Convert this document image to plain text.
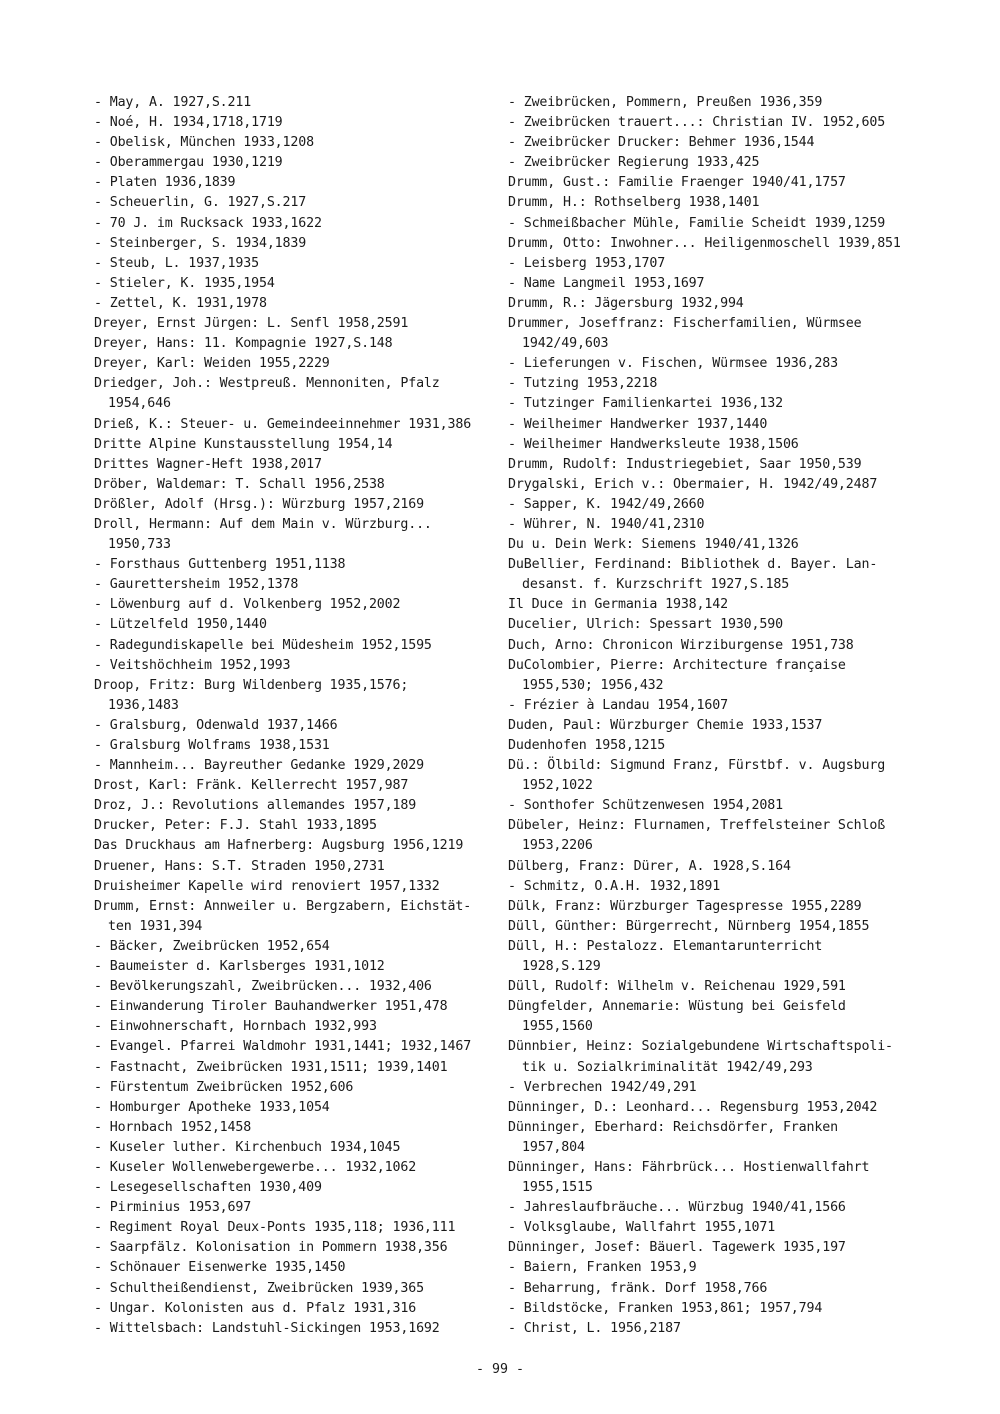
- May, A. 1927,S.211
- Noé, H. 1934,1718,1719
- Obelisk, München 1933,1208
- Oberammergau 1930,1219
- Platen 1936,1839
- Scheuerlin, G. 1927,S.217
- 70 J. im Rucksack 1933,1622
- Steinberger, S. 1934,1839
- Steub, L. 1937,1935
- Stieler, K. 1935,1954
- Zettel, K. 1931,1978
Dreyer, Ernst Jürgen: L. Senfl 1958,2591
Dreyer, Hans: 11. Kompagnie 1927,S.148
Dreyer, Karl: Weiden 1955,2229
Driedger, Joh.: Westpreuß. Mennoniten, Pfalz
1954,646
Drieß, K.: Steuer- u. Gemeindeeinnehmer 1931,386
Dritte Alpine Kunstausstellung 1954,14
Drittes Wagner-Heft 1938,2017
Dröber, Waldemar: T. Schall 1956,2538
Drößler, Adolf (Hrsg.): Würzburg 1957,2169
Droll, Hermann: Auf dem Main v. Würzburg...
1950,733
- Forsthaus Guttenberg 1951,1138
- Gaurettersheim 1952,1378
- Löwenburg auf d. Volkenberg 1952,2002
- Lützelfeld 1950,1440
- Radegundiskapelle bei Müdesheim 1952,1595
- Veitshöchheim 1952,1993
Droop, Fritz: Burg Wildenberg 1935,1576;
1936,1483
- Gralsburg, Odenwald 1937,1466
- Gralsburg Wolframs 1938,1531
- Mannheim... Bayreuther Gedanke 1929,2029
Drost, Karl: Fränk. Kellerrecht 1957,987
Droz, J.: Revolutions allemandes 1957,189
Drucker, Peter: F.J. Stahl 1933,1895
Das Druckhaus am Hafnerberg: Augsburg 1956,1219
Druener, Hans: S.T. Straden 1950,2731
Druisheimer Kapelle wird renoviert 1957,1332
Drumm, Ernst: Annweiler u. Bergzabern, Eichstät-
ten 1931,394
- Bäcker, Zweibrücken 1952,654
- Baumeister d. Karlsberges 1931,1012
- Bevölkerungszahl, Zweibrücken... 1932,406
- Einwanderung Tiroler Bauhandwerker 1951,478
- Einwohnerschaft, Hornbach 1932,993
- Evangel. Pfarrei Waldmohr 1931,1441; 1932,1467
- Fastnacht, Zweibrücken 1931,1511; 1939,1401
- Fürstentum Zweibrücken 1952,606
- Homburger Apotheke 1933,1054
- Hornbach 1952,1458
- Kuseler luther. Kirchenbuch 1934,1045
- Kuseler Wollenwebergewerbe... 1932,1062
- Lesegesellschaften 1930,409
- Pirminius 1953,697
- Regiment Royal Deux-Ponts 1935,118; 1936,111
- Saarpfälz. Kolonisation in Pommern 1938,356
- Schönauer Eisenwerke 1935,1450
- Schultheißendienst, Zweibrücken 1939,365
- Ungar. Kolonisten aus d. Pfalz 1931,316
- Wittelsbach: Landstuhl-Sickingen 1953,1692
- Zweibrücken, Pommern, Preußen 1936,359
- Zweibrücken trauert...: Christian IV. 1952,605
- Zweibrücker Drucker: Behmer 1936,1544
- Zweibrücker Regierung 1933,425
Drumm, Gust.: Familie Fraenger 1940/41,1757
Drumm, H.: Rothselberg 1938,1401
- Schmeißbacher Mühle, Familie Scheidt 1939,1259
Drumm, Otto: Inwohner... Heiligenmoschell 1939,851
- Leisberg 1953,1707
- Name Langmeil 1953,1697
Drumm, R.: Jägersburg 1932,994
Drummer, Joseffranz: Fischerfamilien, Würmsee
1942/49,603
- Lieferungen v. Fischen, Würmsee 1936,283
- Tutzing 1953,2218
- Tutzinger Familienkartei 1936,132
- Weilheimer Handwerker 1937,1440
- Weilheimer Handwerksleute 1938,1506
Drumm, Rudolf: Industriegebiet, Saar 1950,539
Drygalski, Erich v.: Obermaier, H. 1942/49,2487
- Sapper, K. 1942/49,2660
- Wührer, N. 1940/41,2310
Du u. Dein Werk: Siemens 1940/41,1326
DuBellier, Ferdinand: Bibliothek d. Bayer. Lan-
desanst. f. Kurzschrift 1927,S.185
Il Duce in Germania 1938,142
Ducelier, Ulrich: Spessart 1930,590
Duch, Arno: Chronicon Wirziburgense 1951,738
DuColombier, Pierre: Architecture française
1955,530; 1956,432
- Frézier à Landau 1954,1607
Duden, Paul: Würzburger Chemie 1933,1537
Dudenhofen 1958,1215
Dü.: Ölbild: Sigmund Franz, Fürstbf. v. Augsburg
1952,1022
- Sonthofer Schützenwesen 1954,2081
Dübeler, Heinz: Flurnamen, Treffelsteiner Schloß
1953,2206
Dülberg, Franz: Dürer, A. 1928,S.164
- Schmitz, O.A.H. 1932,1891
Dülk, Franz: Würzburger Tagespresse 1955,2289
Düll, Günther: Bürgerrecht, Nürnberg 1954,1855
Düll, H.: Pestalozz. Elemantarunterricht
1928,S.129
Düll, Rudolf: Wilhelm v. Reichenau 1929,591
Düngfelder, Annemarie: Wüstung bei Geisfeld
1955,1560
Dünnbier, Heinz: Sozialgebundene Wirtschaftspoli-
tik u. Sozialkriminalität 1942/49,293
- Verbrechen 1942/49,291
Dünninger, D.: Leonhard... Regensburg 1953,2042
Dünninger, Eberhard: Reichsdörfer, Franken
1957,804
Dünninger, Hans: Fährbrück... Hostienwallfahrt
1955,1515
- Jahreslaufbräuche... Würzbug 1940/41,1566
- Volksglaube, Wallfahrt 1955,1071
Dünninger, Josef: Bäuerl. Tagewerk 1935,197
- Baiern, Franken 1953,9
- Beharrung, fränk. Dorf 1958,766
- Bildstöcke, Franken 1953,861; 1957,794
- Christ, L. 1956,2187
- 99 -
